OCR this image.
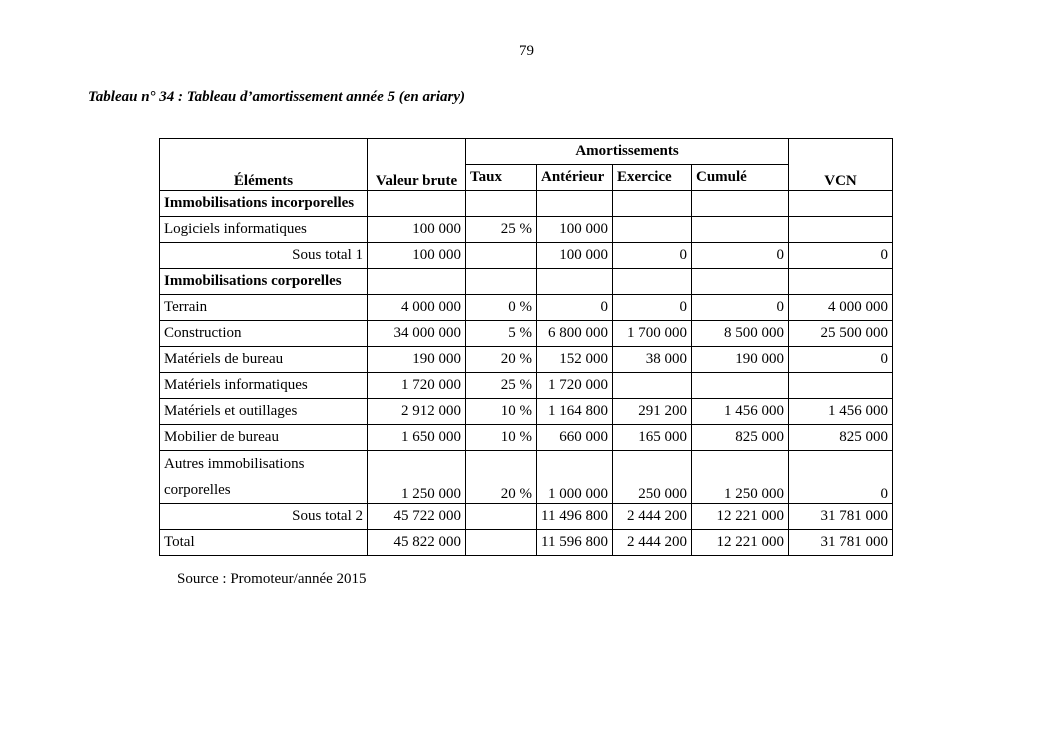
79
Tableau n° 34 : Tableau d’amortissement année 5 (en ariary)
Éléments	Valeur brute	Amortissements				VCN
		Taux	Antérieur	Exercice	Cumulé	
Immobilisations incorporelles						
Logiciels informatiques	100 000	25 %	100 000			
Sous total 1	100 000		100 000	0	0	0
Immobilisations corporelles						
Terrain	4 000 000	0 %	0	0	0	4 000 000
Construction	34 000 000	5 %	6 800 000	1 700 000	8 500 000	25 500 000
Matériels de bureau	190 000	20 %	152 000	38 000	190 000	0
Matériels informatiques	1 720 000	25 %	1 720 000			
Matériels et outillages	2 912 000	10 %	1 164 800	291 200	1 456 000	1 456 000
Mobilier de bureau	1 650 000	10 %	660 000	165 000	825 000	825 000

Autres immobilisations
corporelles	1 250 000	20 %	1 000 000	250 000	1 250 000	0
Sous total 2	45 722 000		11 496 800	2 444 200	12 221 000	31 781 000
Total	45 822 000		11 596 800	2 444 200	12 221 000	31 781 000
Source : Promoteur/année 2015
